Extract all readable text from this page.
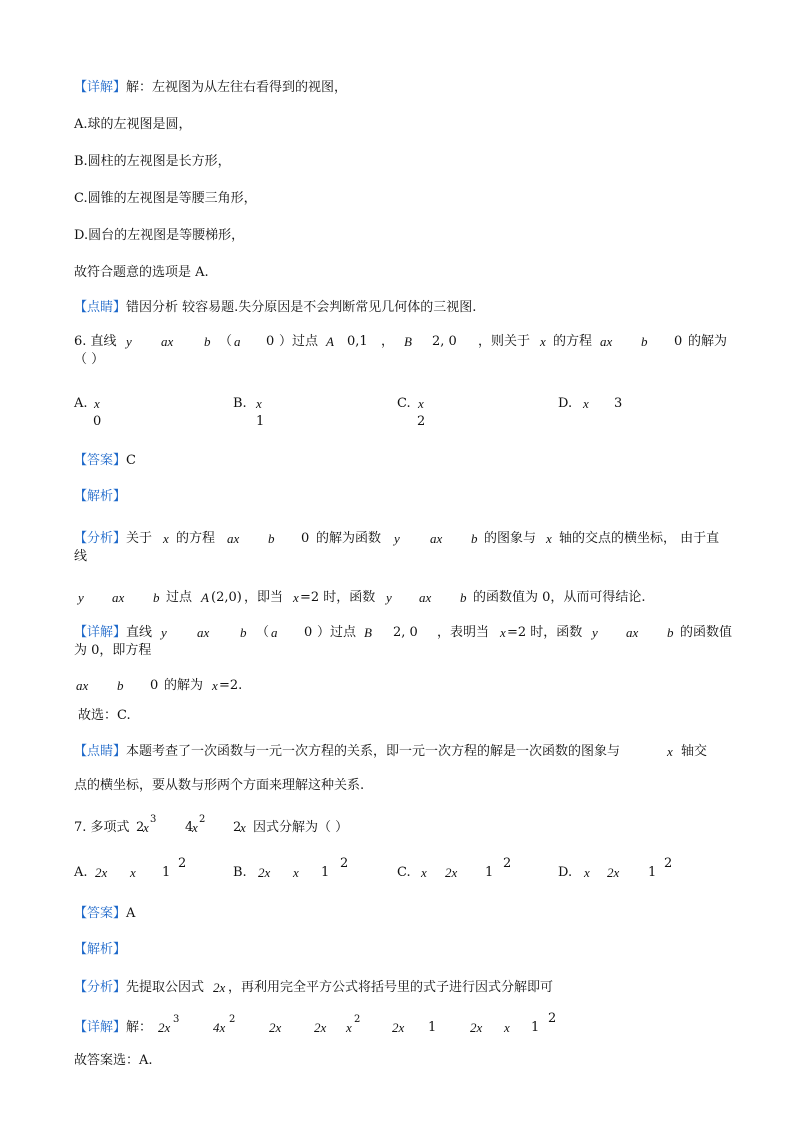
【详解】解：左视图为从左往右看得到的视图，
A.球的左视图是圆，
B.圆柱的左视图是长方形，
C.圆锥的左视图是等腰三角形，
D.圆台的左视图是等腰梯形，
故符合题意的选项是 A.
【点睛】错因分析 较容易题.失分原因是不会判断常见几何体的三视图.
6. 直线 y ax b （ a 0 ）过点 A 0,1 ， B 2, 0 ，则关于 x 的方程 ax b 0 的解为
（ ）
A. x
0
B. x
1
C. x
2
D. x 3
【答案】C
【解析】
【分析】 关于 x 的方程 ax b 0 的解为函数 y ax b 的图象与 x 轴的交点的横坐标， 由于直
线
y ax b 过点 A (2,0) ，即当 x =2 时，函数 y ax b 的函数值为 0，从而可得结论.
【详解】 直线 y ax b （ a 0 ）过点 B 2, 0 ，表明当 x =2 时，函数 y ax b 的函数值
为 0，即方程
ax b 0 的解为 x =2.
故选：C.
【点睛】 本题考查了一次函数与一元一次方程的关系，即一元一次方程的解是一次函数的图象与	x 轴交
点的横坐标，要从数与形两个方面来理解这种关系.
7. 多项式 2
x
3
4
x
2
2
x 因式分解为（ ）
A. 2x x 1
2
B. 2x x 1
2
C. x 2x 1
2
D. x 2x 1
2
【答案】A
【解析】
【分析】 先提取公因式 2x ，再利用完全平方公式将括号里的式子进行因式分解即可
【详解】 解： 2x
3
4x
2
2x	2x x
2
2x 1	2x x 1
2
故答案选：A.
